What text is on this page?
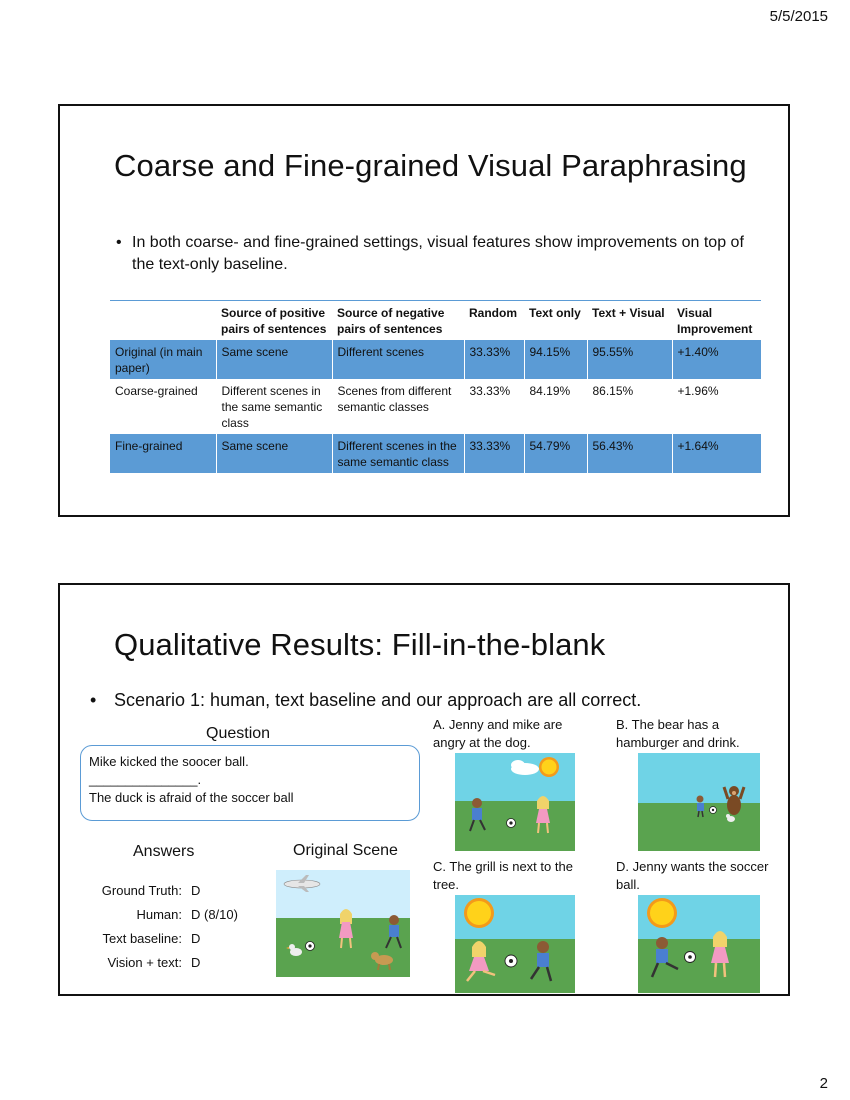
5/5/2015
Coarse and Fine-grained Visual Paraphrasing
• In both coarse- and fine-grained settings, visual features show improvements on top of the text-only baseline.
	Source of positive pairs of sentences	Source of negative pairs of sentences	Random	Text only	Text + Visual	Visual Improvement
Original (in main paper)	Same scene	Different scenes	33.33%	94.15%	95.55%	+1.40%
Coarse-grained	Different scenes in the same semantic class	Scenes from different semantic classes	33.33%	84.19%	86.15%	+1.96%
Fine-grained	Same scene	Different scenes in the same semantic class	33.33%	54.79%	56.43%	+1.64%
Qualitative Results: Fill-in-the-blank
• Scenario 1: human, text baseline and our approach are all correct.
Question
Mike kicked the soocer ball.
_______________.
The duck is afraid of the soccer ball
Answers	Original Scene
Ground Truth: D
Human: D (8/10)
Text baseline: D
Vision + text: D
A. Jenny and mike are angry at the dog.
B. The bear has a hamburger and drink.
C. The grill is next to the tree.
D. Jenny wants the soccer ball.
2
